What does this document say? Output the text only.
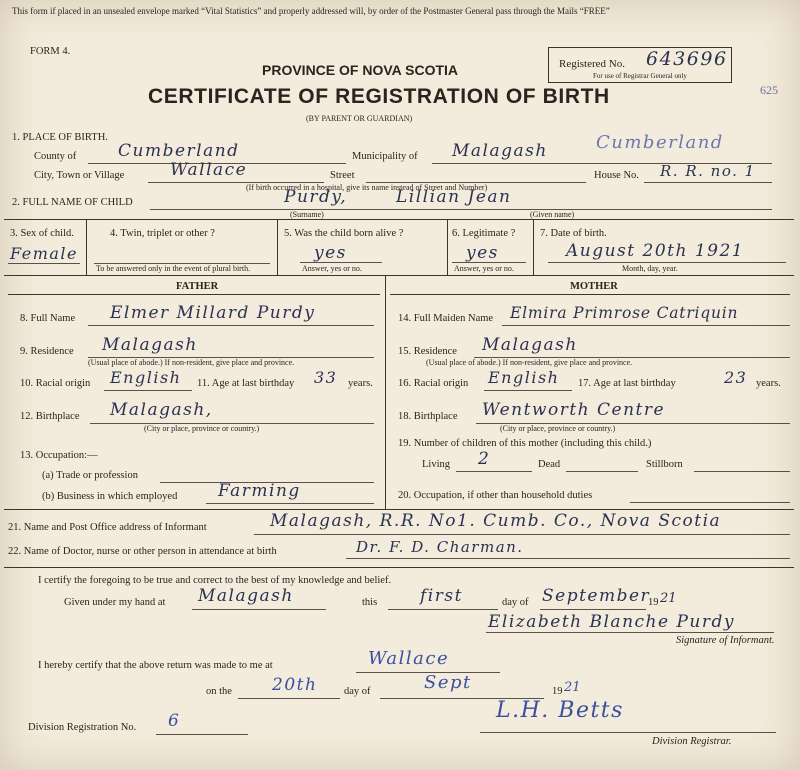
This form if placed in an unsealed envelope marked “Vital Statistics” and properly addressed will, by order of the Postmaster General pass through the Mails “FREE”
FORM 4.
PROVINCE OF NOVA SCOTIA
CERTIFICATE OF REGISTRATION OF BIRTH
(BY PARENT OR GUARDIAN)
Registered No. 643696
For use of Registrar General only
625
1. PLACE OF BIRTH.
County of Cumberland	Municipality of Malagash	Cumberland
City, Town or Village	Wallace	Street	House No. R. R. no. 1
(If birth occurred in a hospital, give its name instead of Street and Number)
2. FULL NAME OF CHILD	Purdy,	Lillian Jean
(Surname)	(Given name)
3. Sex of child.
Female
4. Twin, triplet or other ?
To be answered only in the event of plural birth.
5. Was the child born alive ?
yes
Answer, yes or no.
6. Legitimate ?
yes
Answer, yes or no.
7. Date of birth.
August 20th 1921
Month, day, year.
FATHER	MOTHER
8. Full Name Elmer Millard Purdy
9. Residence Malagash
(Usual place of abode.) If non-resident, give place and province.
10. Racial origin English 11. Age at last birthday 33 years.
12. Birthplace Malagash,
(City or place, province or country.)
13. Occupation:—
(a) Trade or profession
(b) Business in which employed Farming
14. Full Maiden Name Elmira Primrose Catriquin
15. Residence Malagash
(Usual place of abode.) If non-resident, give place and province.
16. Racial origin English 17. Age at last birthday	23 years.
18. Birthplace Wentworth Centre
(City or place, province or country.)
19. Number of children of this mother (including this child.)
Living 2	Dead	Stillborn
20. Occupation, if other than household duties
21. Name and Post Office address of Informant	Malagash, R.R. No1. Cumb. Co., Nova Scotia
22. Name of Doctor, nurse or other person in attendance at birth	Dr. F. D. Charman.
I certify the foregoing to be true and correct to the best of my knowledge and belief.
Given under my hand at Malagash	this	first	day of September
19 21
Elizabeth Blanche Purdy
Signature of Informant.
I hereby certify that the above return was made to me at	Wallace
on the 20th	day of	Sept	19 21
Division Registration No. 6	L.H. Betts
Division Registrar.
